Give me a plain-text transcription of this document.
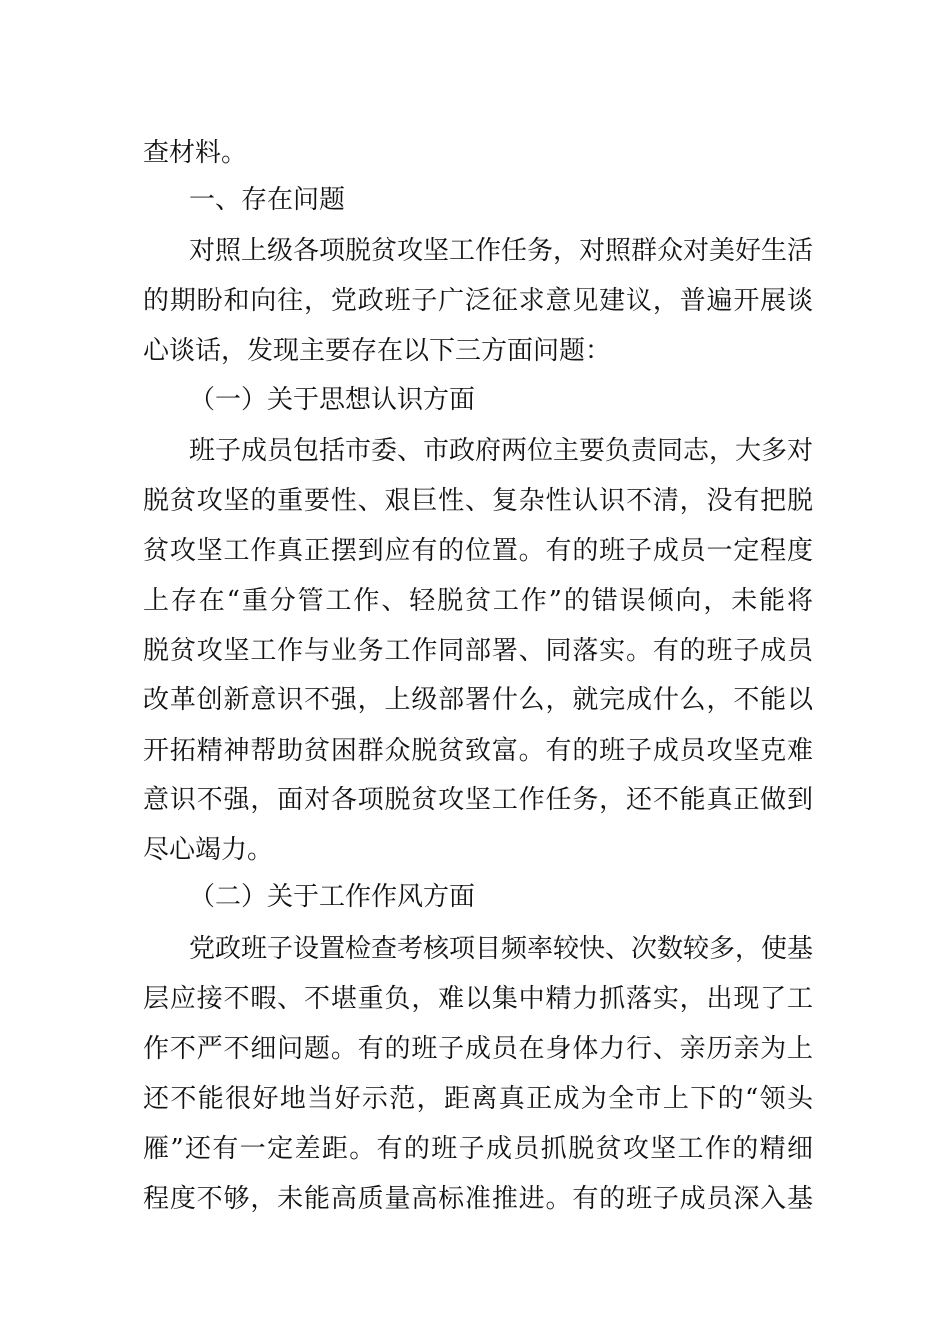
查材料。
一、存在问题
对照上级各项脱贫攻坚工作任务，对照群众对美好生活
的期盼和向往，党政班子广泛征求意见建议，普遍开展谈
心谈话，发现主要存在以下三方面问题：
（一）关于思想认识方面
班子成员包括市委、市政府两位主要负责同志，大多对
脱贫攻坚的重要性、艰巨性、复杂性认识不清，没有把脱
贫攻坚工作真正摆到应有的位置。有的班子成员一定程度
上存在“重分管工作、轻脱贫工作”的错误倾向，未能将
脱贫攻坚工作与业务工作同部署、同落实。有的班子成员
改革创新意识不强，上级部署什么，就完成什么，不能以
开拓精神帮助贫困群众脱贫致富。有的班子成员攻坚克难
意识不强，面对各项脱贫攻坚工作任务，还不能真正做到
尽心竭力。
（二）关于工作作风方面
党政班子设置检查考核项目频率较快、次数较多，使基
层应接不暇、不堪重负，难以集中精力抓落实，出现了工
作不严不细问题。有的班子成员在身体力行、亲历亲为上
还不能很好地当好示范，距离真正成为全市上下的“领头
雁”还有一定差距。有的班子成员抓脱贫攻坚工作的精细
程度不够，未能高质量高标准推进。有的班子成员深入基
